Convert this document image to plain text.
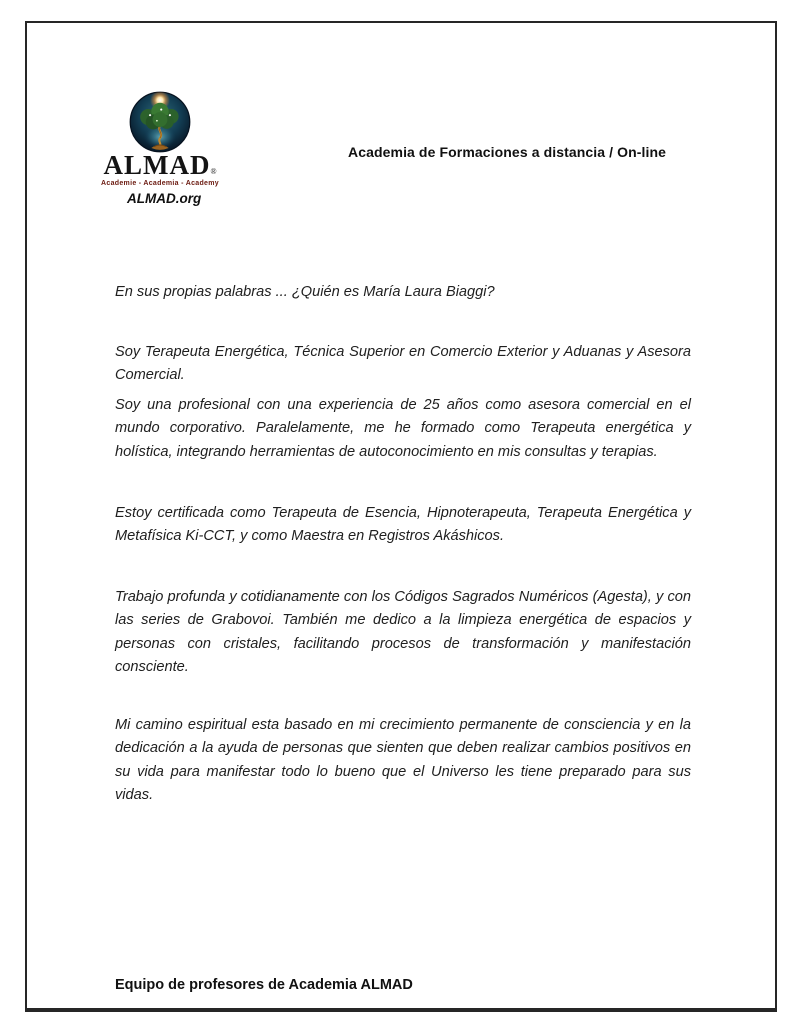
ALMAD®
Academie - Academia - Academy
ALMAD.org
Academia de Formaciones a distancia / On-line

En sus propias palabras ... ¿Quién es María Laura Biaggi?

Soy Terapeuta Energética, Técnica Superior en Comercio Exterior y Aduanas y Asesora Comercial.

Soy una profesional con una experiencia de 25 años como asesora comercial en el mundo corporativo. Paralelamente, me he formado como Terapeuta energética y holística, integrando herramientas de autoconocimiento en mis consultas y terapias.

Estoy certificada como Terapeuta de Esencia, Hipnoterapeuta, Terapeuta Energética y Metafísica Ki-CCT, y como Maestra en Registros Akáshicos.

Trabajo profunda y cotidianamente con los Códigos Sagrados Numéricos (Agesta), y con las series de Grabovoi. También me dedico a la limpieza energética de espacios y personas con cristales, facilitando procesos de transformación y manifestación consciente.

Mi camino espiritual esta basado en mi crecimiento permanente de consciencia y en la dedicación a la ayuda de personas que sienten que deben realizar cambios positivos en su vida para manifestar todo lo bueno que el Universo les tiene preparado para sus vidas.

Equipo de profesores de Academia ALMAD
